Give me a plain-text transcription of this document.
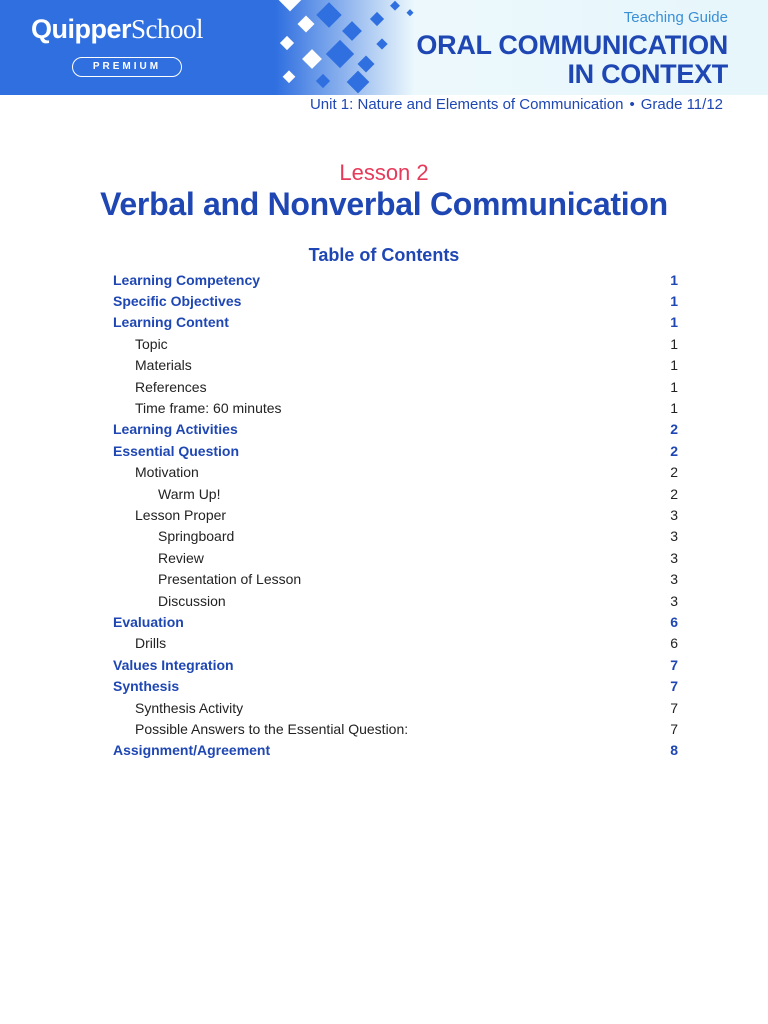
QuipperSchool
PREMIUM
Teaching Guide
ORAL COMMUNICATION
IN CONTEXT
Unit 1: Nature and Elements of Communication • Grade 11/12
Lesson 2
Verbal and Nonverbal Communication
Table of Contents
Learning Competency	1
Specific Objectives	1
Learning Content	1
Topic	1
Materials	1
References	1
Time frame: 60 minutes	1
Learning Activities	2
Essential Question	2
Motivation	2
Warm Up!	2
Lesson Proper	3
Springboard	3
Review	3
Presentation of Lesson	3
Discussion	3
Evaluation	6
Drills	6
Values Integration	7
Synthesis	7
Synthesis Activity	7
Possible Answers to the Essential Question:	7
Assignment/Agreement	8
